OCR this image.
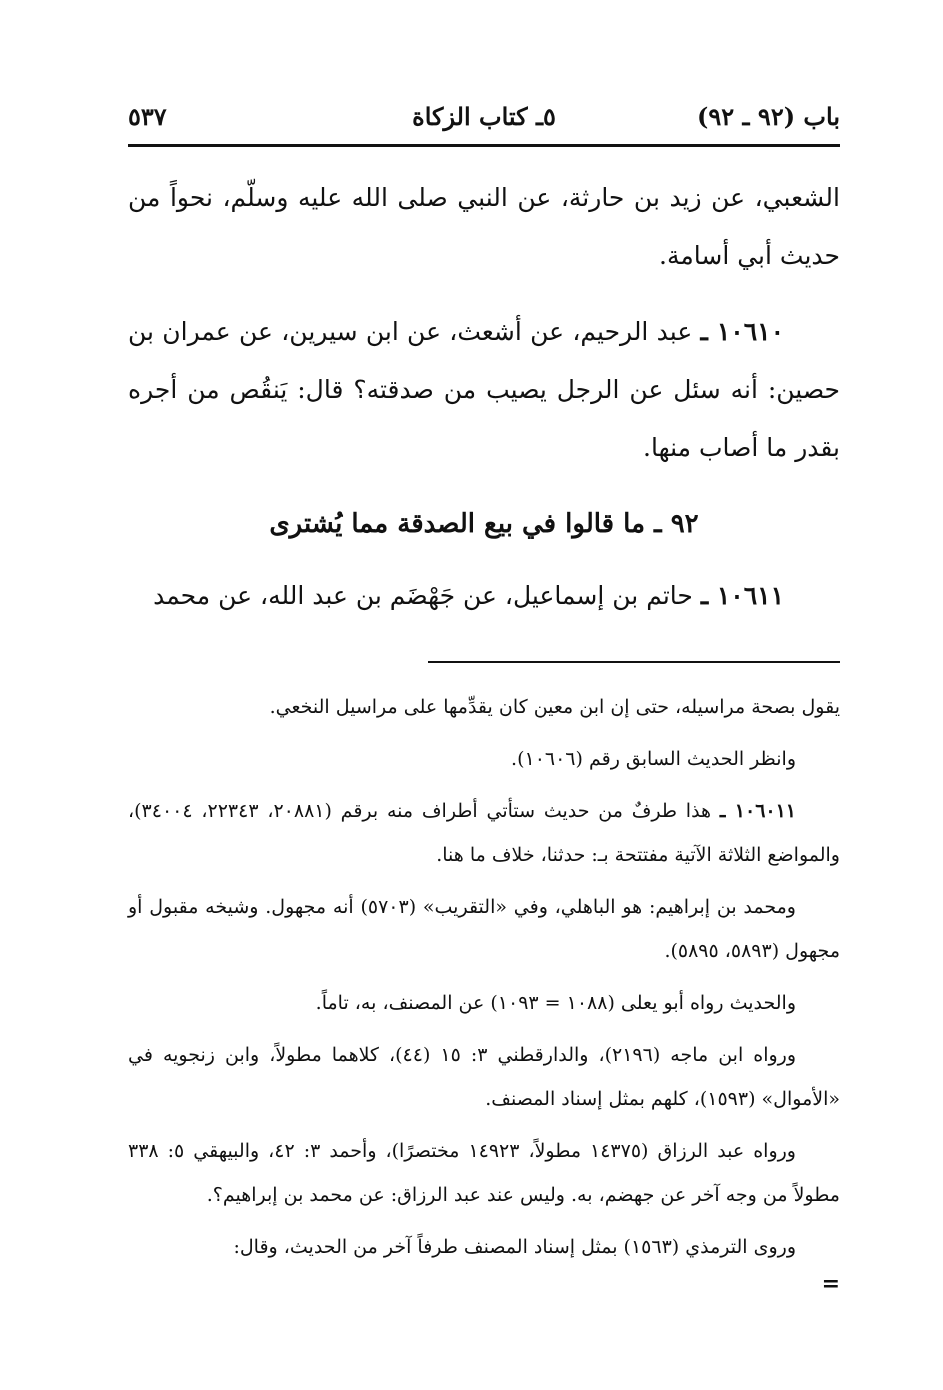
باب (٩٢ ـ ٩٢)
٥ـ كتاب الزكاة
٥٣٧

الشعبي، عن زيد بن حارثة، عن النبي صلى الله عليه وسلّم، نحواً من حديث أبي أسامة.

١٠٦١٠ ـ عبد الرحيم، عن أشعث، عن ابن سيرين، عن عمران بن حصين: أنه سئل عن الرجل يصيب من صدقته؟ قال: يَنقُص من أجره بقدر ما أصاب منها.

٩٢ ـ ما قالوا في بيع الصدقة مما يُشترى

١٠٦١١ ـ حاتم بن إسماعيل، عن جَهْضَم بن عبد الله، عن محمد

يقول بصحة مراسيله، حتى إن ابن معين كان يقدِّمها على مراسيل النخعي.

وانظر الحديث السابق رقم (١٠٦٠٦).

١٠٦٠١١ ـ هذا طرفٌ من حديث ستأتي أطراف منه برقم (٢٠٨٨١، ٢٢٣٤٣، ٣٤٠٠٤)، والمواضع الثلاثة الآتية مفتتحة بـ: حدثنا، خلاف ما هنا.

ومحمد بن إبراهيم: هو الباهلي، وفي «التقريب» (٥٧٠٣) أنه مجهول. وشيخه مقبول أو مجهول (٥٨٩٣، ٥٨٩٥).

والحديث رواه أبو يعلى (١٠٨٨ = ١٠٩٣) عن المصنف، به، تاماً.

ورواه ابن ماجه (٢١٩٦)، والدارقطني ٣: ١٥ (٤٤)، كلاهما مطولاً، وابن زنجويه في «الأموال» (١٥٩٣)، كلهم بمثل إسناد المصنف.

ورواه عبد الرزاق (١٤٣٧٥ مطولاً، ١٤٩٢٣ مختصرًا)، وأحمد ٣: ٤٢، والبيهقي ٥: ٣٣٨ مطولاً من وجه آخر عن جهضم، به. وليس عند عبد الرزاق: عن محمد بن إبراهيم؟.

وروى الترمذي (١٥٦٣) بمثل إسناد المصنف طرفاً آخر من الحديث، وقال:

=
